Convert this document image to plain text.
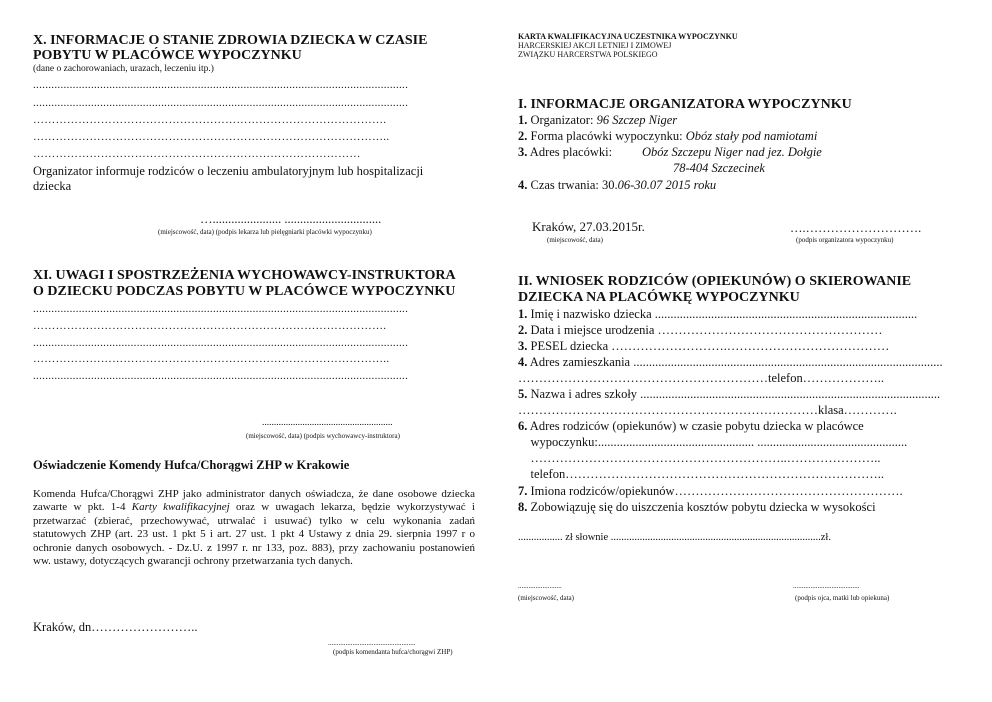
X. INFORMACJE O STANIE ZDROWIA DZIECKA W CZASIE
POBYTU W PLACÓWCE WYPOCZYNKU
(dane o zachorowaniach, urazach, leczeniu itp.)
...........................................................................................................................
...........................................................................................................................
………………………………………………………………………………….
…………………………………………………………………………………..
……………………………………………………………………………
Organizator informuje rodziców o leczeniu ambulatoryjnym lub hospitalizacji
dziecka
…...................... ...............................
(miejscowość, data) (podpis lekarza lub pielęgniarki placówki wypoczynku)
XI. UWAGI I SPOSTRZEŻENIA WYCHOWAWCY-INSTRUKTORA
O DZIECKU PODCZAS POBYTU W PLACÓWCE WYPOCZYNKU
...........................................................................................................................
………………………………………………………………………………….
...........................................................................................................................
…………………………………………………………………………………..
...........................................................................................................................
.......................................................
(miejscowość, data) (podpis wychowawcy-instruktora)
Oświadczenie Komendy Hufca/Chorągwi ZHP w Krakowie
Komenda Hufca/Chorągwi ZHP jako administrator danych oświadcza, że dane osobowe dziecka zawarte w pkt. 1-4 Karty kwalifikacyjnej oraz w uwagach lekarza, będzie wykorzystywać i przetwarzać (zbierać, przechowywać, utrwalać i usuwać) tylko w celu wykonania zadań statutowych ZHP (art. 23 ust. 1 pkt 5 i art. 27 ust. 1 pkt 4 Ustawy z dnia 29. sierpnia 1997 r o ochronie danych osobowych. - Dz.U. z 1997 r. nr 133, poz. 883), przy zachowaniu postanowień ww. ustawy, dotyczących gwarancji ochrony przetwarzania tych danych.
Kraków, dn……………………..
..................................................
(podpis komendanta hufca/chorągwi ZHP)
KARTA KWALIFIKACYJNA UCZESTNIKA WYPOCZYNKU
HARCERSKIEJ AKCJI LETNIEJ I ZIMOWEJ
ZWIĄZKU HARCERSTWA POLSKIEGO
I. INFORMACJE ORGANIZATORA WYPOCZYNKU
1. Organizator: 96 Szczep Niger
2. Forma placówki wypoczynku: Obóz stały pod namiotami
3. Adres placówki: Obóz Szczepu Niger nad jez. Dołgie
78-404 Szczecinek
4. Czas trwania: 30.06-30.07 2015 roku
Kraków, 27.03.2015r.
(miejscowość, data)
….……………………….
(podpis organizatora wypoczynku)
II. WNIOSEK RODZICÓW (OPIEKUNÓW) O SKIEROWANIE
DZIECKA NA PLACÓWKĘ WYPOCZYNKU
1. Imię i nazwisko dziecka ....................................................................................
2. Data i miejsce urodzenia ………………………………………………
3. PESEL dziecka ……………………….…………………………………
4. Adres zamieszkania ...................................................................................................
……………………………………………………telefon………………..
5. Nazwa i adres szkoły ................................................................................................
………………………………………………………………klasa………….
6. Adres rodziców (opiekunów) w czasie pobytu dziecka w placówce
wypoczynku:.................................................. ................................................
……………………………………………………..…………………..
telefon…………………………………………………………………..
7. Imiona rodziców/opiekunów……………………………………………….
8. Zobowiązuję się do uiszczenia kosztów pobytu dziecka w wysokości
................. zł słownie ................................................................................zł.
.........................
(miejscowość, data)
......................................
(podpis ojca, matki lub opiekuna)
